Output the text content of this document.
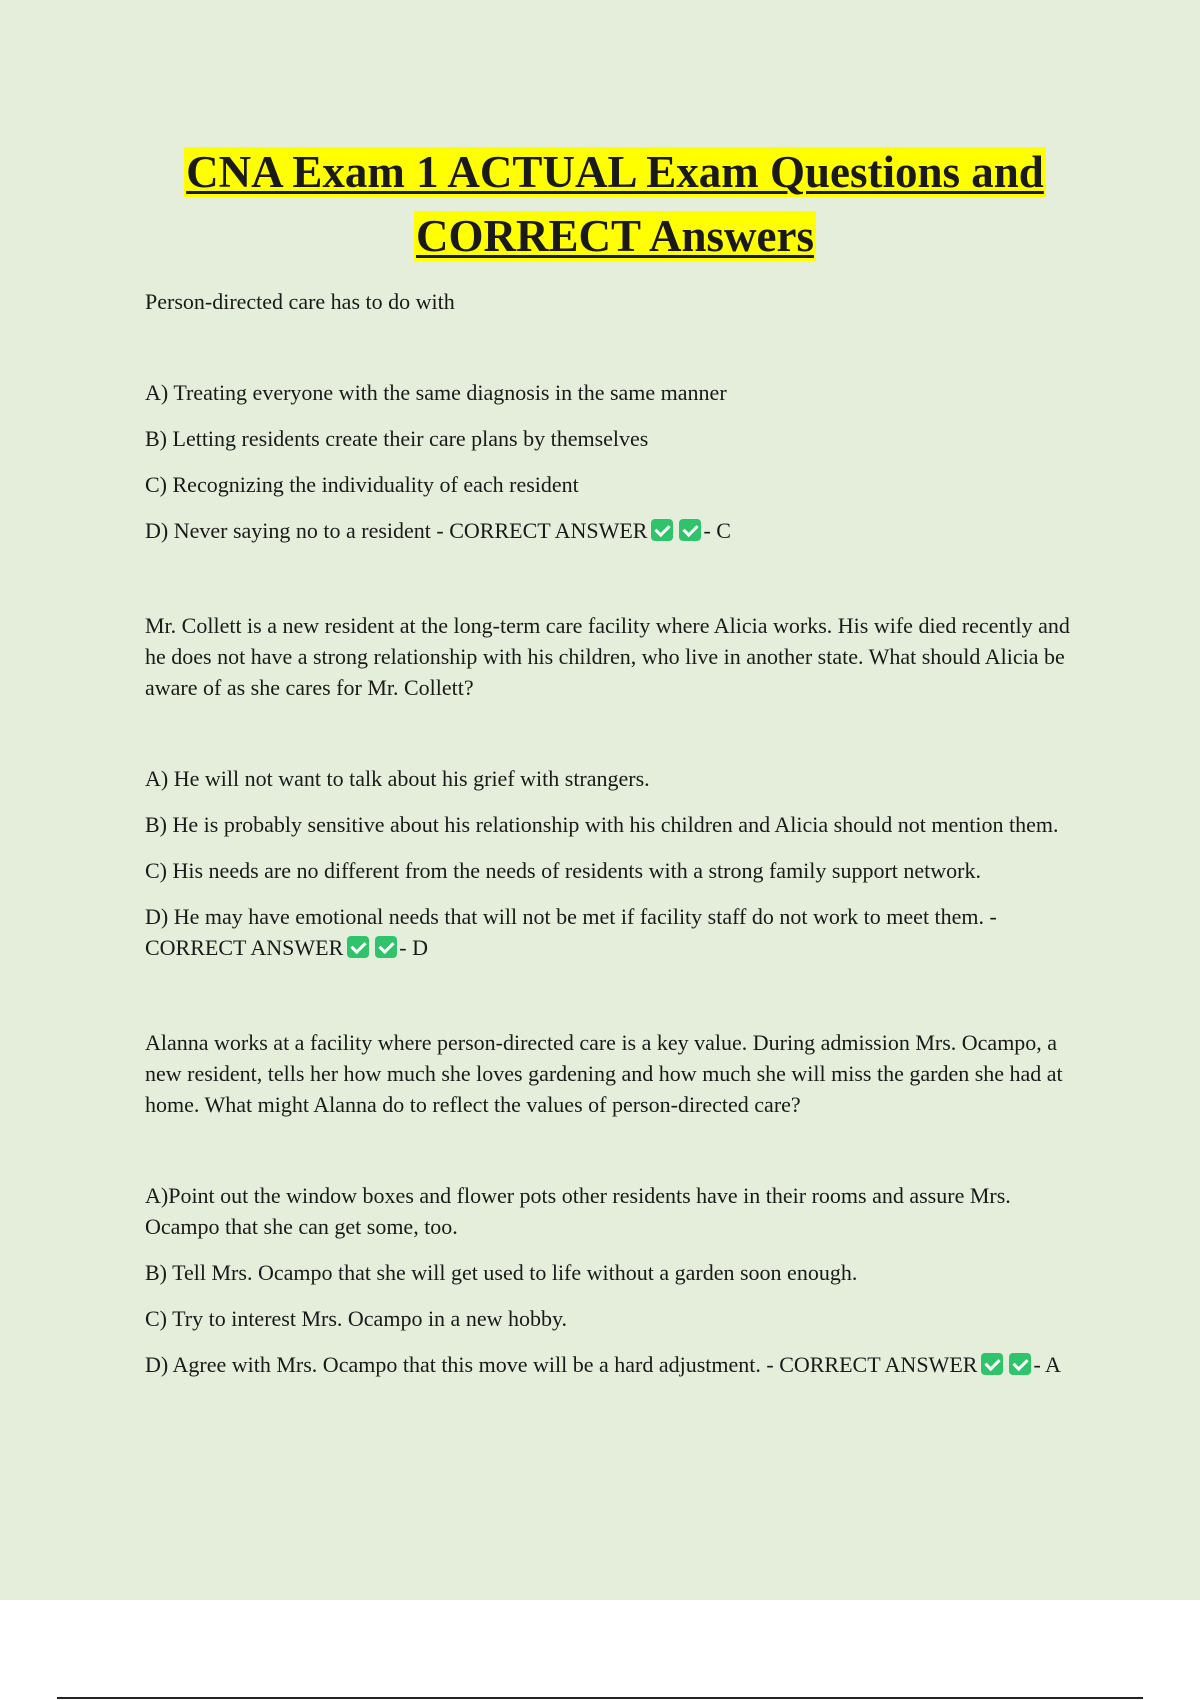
CNA Exam 1 ACTUAL Exam Questions and CORRECT Answers

Person-directed care has to do with

A) Treating everyone with the same diagnosis in the same manner

B) Letting residents create their care plans by themselves

C) Recognizing the individuality of each resident

D) Never saying no to a resident - CORRECT ANSWER	- C

Mr. Collett is a new resident at the long-term care facility where Alicia works. His wife died recently and he does not have a strong relationship with his children, who live in another state. What should Alicia be aware of as she cares for Mr. Collett?

A) He will not want to talk about his grief with strangers.

B) He is probably sensitive about his relationship with his children and Alicia should not mention them.

C) His needs are no different from the needs of residents with a strong family support network.

D) He may have emotional needs that will not be met if facility staff do not work to meet them. - CORRECT ANSWER	- D

Alanna works at a facility where person-directed care is a key value. During admission Mrs. Ocampo, a new resident, tells her how much she loves gardening and how much she will miss the garden she had at home. What might Alanna do to reflect the values of person-directed care?

A)Point out the window boxes and flower pots other residents have in their rooms and assure Mrs. Ocampo that she can get some, too.

B) Tell Mrs. Ocampo that she will get used to life without a garden soon enough.

C) Try to interest Mrs. Ocampo in a new hobby.

D) Agree with Mrs. Ocampo that this move will be a hard adjustment. - CORRECT ANSWER	- A
